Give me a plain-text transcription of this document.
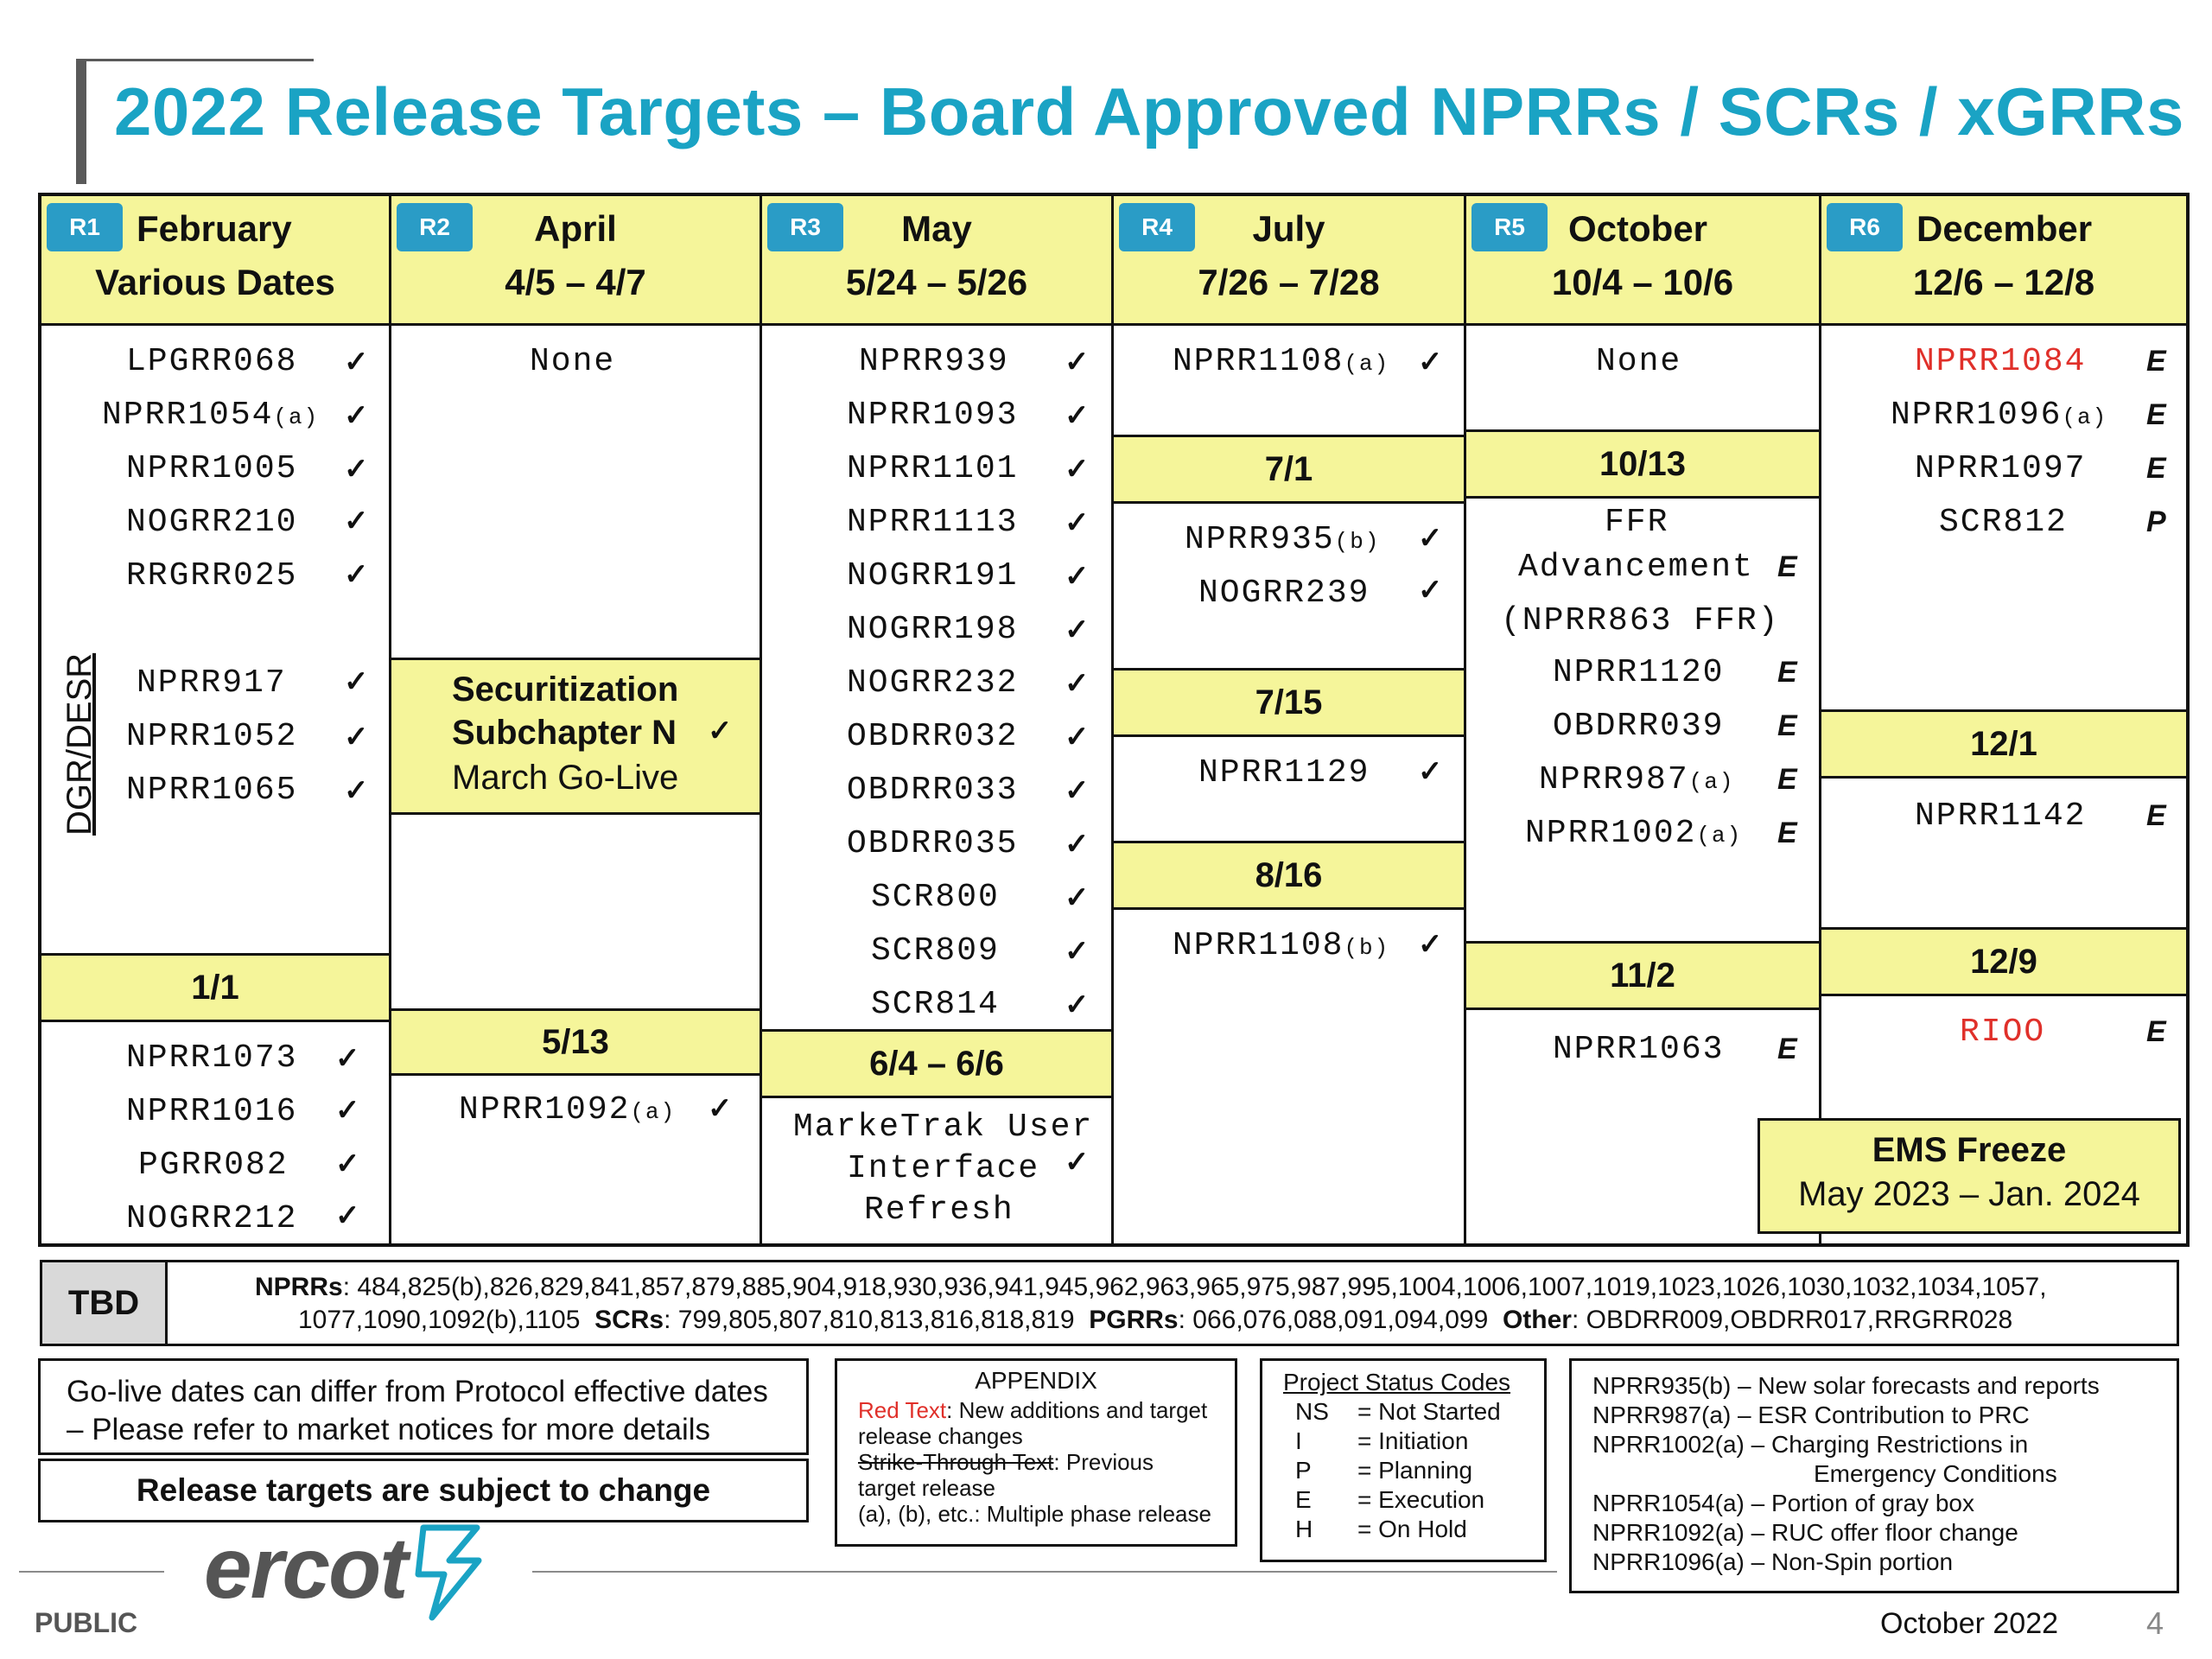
2022 Release Targets – Board Approved NPRRs / SCRs / xGRRs
R1	February
Various Dates
LPGRR068 ✓
NPRR1054(a) ✓
NPRR1005 ✓
NOGRR210 ✓
RRGRR025 ✓
DGR/DESR NPRR917 ✓
NPRR1052 ✓
NPRR1065 ✓
1/1
NPRR1073 ✓
NPRR1016 ✓
PGRR082 ✓
NOGRR212 ✓
R2	April
4/5 – 4/7
None
Securitization
Subchapter N ✓
March Go-Live
5/13
NPRR1092(a) ✓
R3	May
5/24 – 5/26
NPRR939 ✓
NPRR1093 ✓
NPRR1101 ✓
NPRR1113 ✓
NOGRR191 ✓
NOGRR198 ✓
NOGRR232 ✓
OBDRR032 ✓
OBDRR033 ✓
OBDRR035 ✓
SCR800 ✓
SCR809 ✓
SCR814 ✓
6/4 – 6/6
MarkeTrak User
Interface ✓
Refresh
R4	July
7/26 – 7/28
NPRR1108(a) ✓
7/1
NPRR935(b) ✓
NOGRR239 ✓
7/15
NPRR1129 ✓
8/16
NPRR1108(b) ✓
R5	October
10/4 – 10/6
None
10/13
FFR
Advancement E
(NPRR863 FFR)
NPRR1120 E
OBDRR039 E
NPRR987(a) E
NPRR1002(a) E
11/2
NPRR1063 E
R6	December
12/6 – 12/8
NPRR1084 E
NPRR1096(a) E
NPRR1097 E
SCR812	P
12/1
NPRR1142 E
12/9
RIOO	E
EMS Freeze
May 2023 – Jan. 2024
TBD	NPRRs: 484,825(b),826,829,841,857,879,885,904,918,930,936,941,945,962,963,965,975,987,995,1004,1006,1007,1019,1023,1026,1030,1032,1034,1057,
1077,1090,1092(b),1105 SCRs: 799,805,807,810,813,816,818,819 PGRRs: 066,076,088,091,094,099 Other: OBDRR009,OBDRR017,RRGRR028
Go-live dates can differ from Protocol effective dates – Please refer to market notices for more details
Release targets are subject to change
APPENDIX
Red Text: New additions and target release changes
Strike-Through Text: Previous target release
(a), (b), etc.: Multiple phase release
Project Status Codes
NS	= Not Started
I	= Initiation
P	= Planning
E	= Execution
H	= On Hold
NPRR935(b) – New solar forecasts and reports
NPRR987(a) – ESR Contribution to PRC
NPRR1002(a) – Charging Restrictions in
Emergency Conditions
NPRR1054(a) – Portion of gray box
NPRR1092(a) – RUC offer floor change
NPRR1096(a) – Non-Spin portion
ercot
PUBLIC	October 2022	4
